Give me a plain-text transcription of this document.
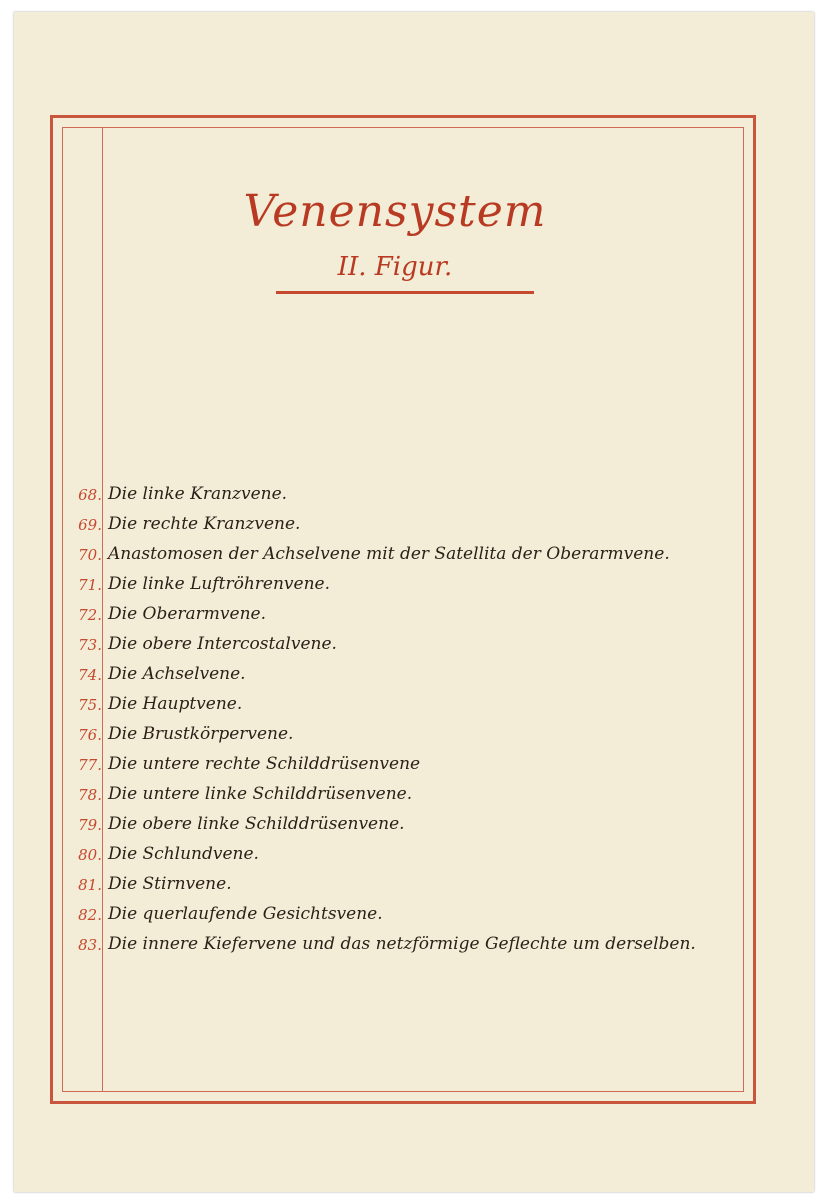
Venensystem
II. Figur.
68. Die linke Kranzvene.
69. Die rechte Kranzvene.
70. Anastomosen der Achselvene mit der Satellita der Oberarmvene.
71. Die linke Luftröhrenvene.
72. Die Oberarmvene.
73. Die obere Intercostalvene.
74. Die Achselvene.
75. Die Hauptvene.
76. Die Brustkörpervene.
77. Die untere rechte Schilddrüsenvene
78. Die untere linke Schilddrüsenvene.
79. Die obere linke Schilddrüsenvene.
80. Die Schlundvene.
81. Die Stirnvene.
82. Die querlaufende Gesichtsvene.
83. Die innere Kiefervene und das netzförmige Geflechte um derselben.
